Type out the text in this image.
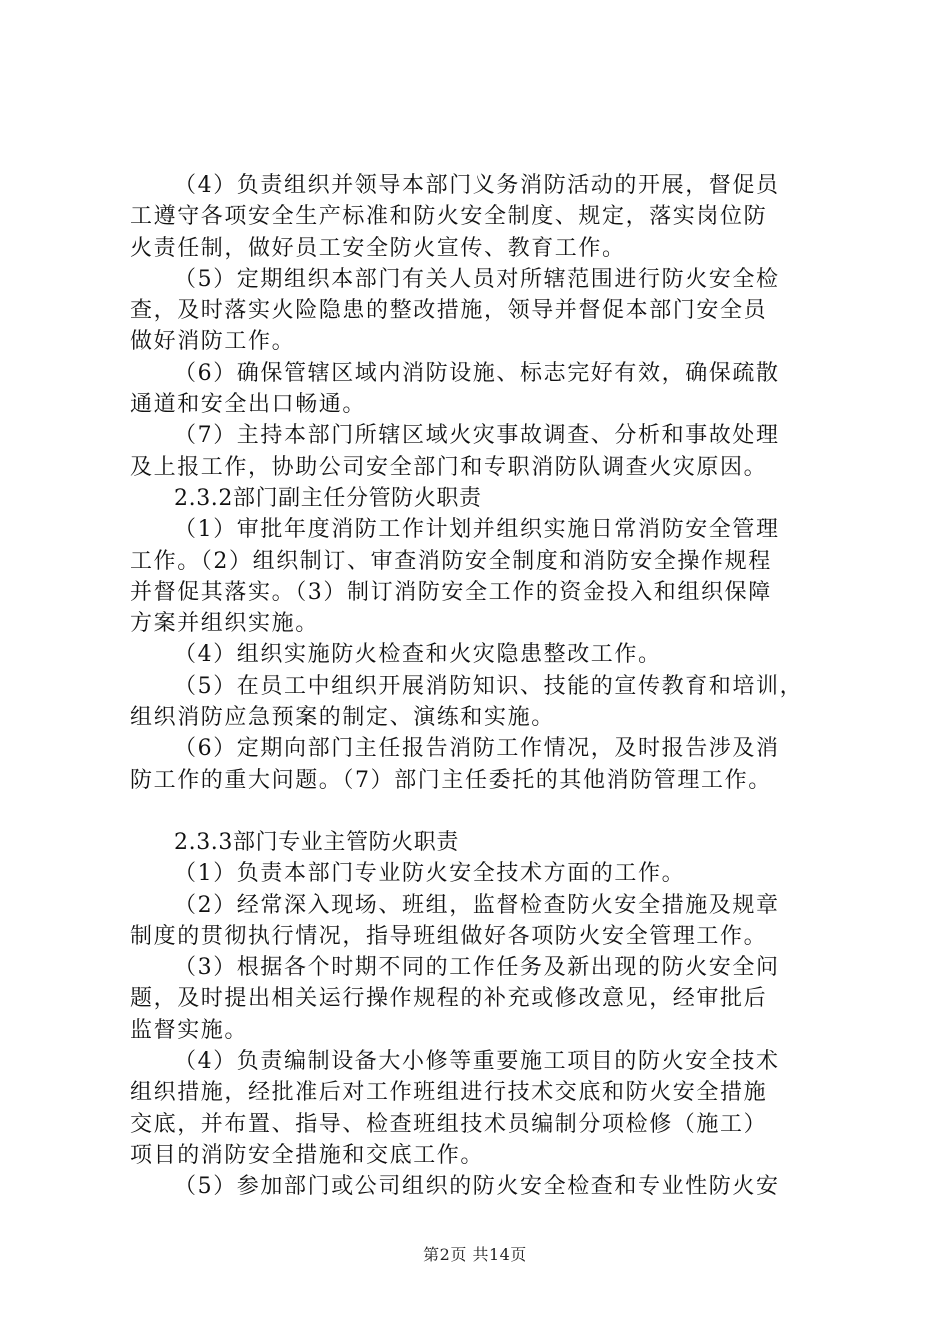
（4）负责组织并领导本部门义务消防活动的开展，督促员
工遵守各项安全生产标准和防火安全制度、规定，落实岗位防
火责任制，做好员工安全防火宣传、教育工作。
（5）定期组织本部门有关人员对所辖范围进行防火安全检
查，及时落实火险隐患的整改措施，领导并督促本部门安全员
做好消防工作。
（6）确保管辖区域内消防设施、标志完好有效，确保疏散
通道和安全出口畅通。
（7）主持本部门所辖区域火灾事故调查、分析和事故处理
及上报工作，协助公司安全部门和专职消防队调查火灾原因。
2.3.2部门副主任分管防火职责
（1）审批年度消防工作计划并组织实施日常消防安全管理
工作。（2）组织制订、审查消防安全制度和消防安全操作规程
并督促其落实。（3）制订消防安全工作的资金投入和组织保障
方案并组织实施。
（4）组织实施防火检查和火灾隐患整改工作。
（5）在员工中组织开展消防知识、技能的宣传教育和培训，
组织消防应急预案的制定、演练和实施。
（6）定期向部门主任报告消防工作情况，及时报告涉及消
防工作的重大问题。（7）部门主任委托的其他消防管理工作。
2.3.3部门专业主管防火职责
（1）负责本部门专业防火安全技术方面的工作。
（2）经常深入现场、班组，监督检查防火安全措施及规章
制度的贯彻执行情况，指导班组做好各项防火安全管理工作。
（3）根据各个时期不同的工作任务及新出现的防火安全问
题，及时提出相关运行操作规程的补充或修改意见，经审批后
监督实施。
（4）负责编制设备大小修等重要施工项目的防火安全技术
组织措施，经批准后对工作班组进行技术交底和防火安全措施
交底，并布置、指导、检查班组技术员编制分项检修（施工）
项目的消防安全措施和交底工作。
（5）参加部门或公司组织的防火安全检查和专业性防火安
第2页 共14页
